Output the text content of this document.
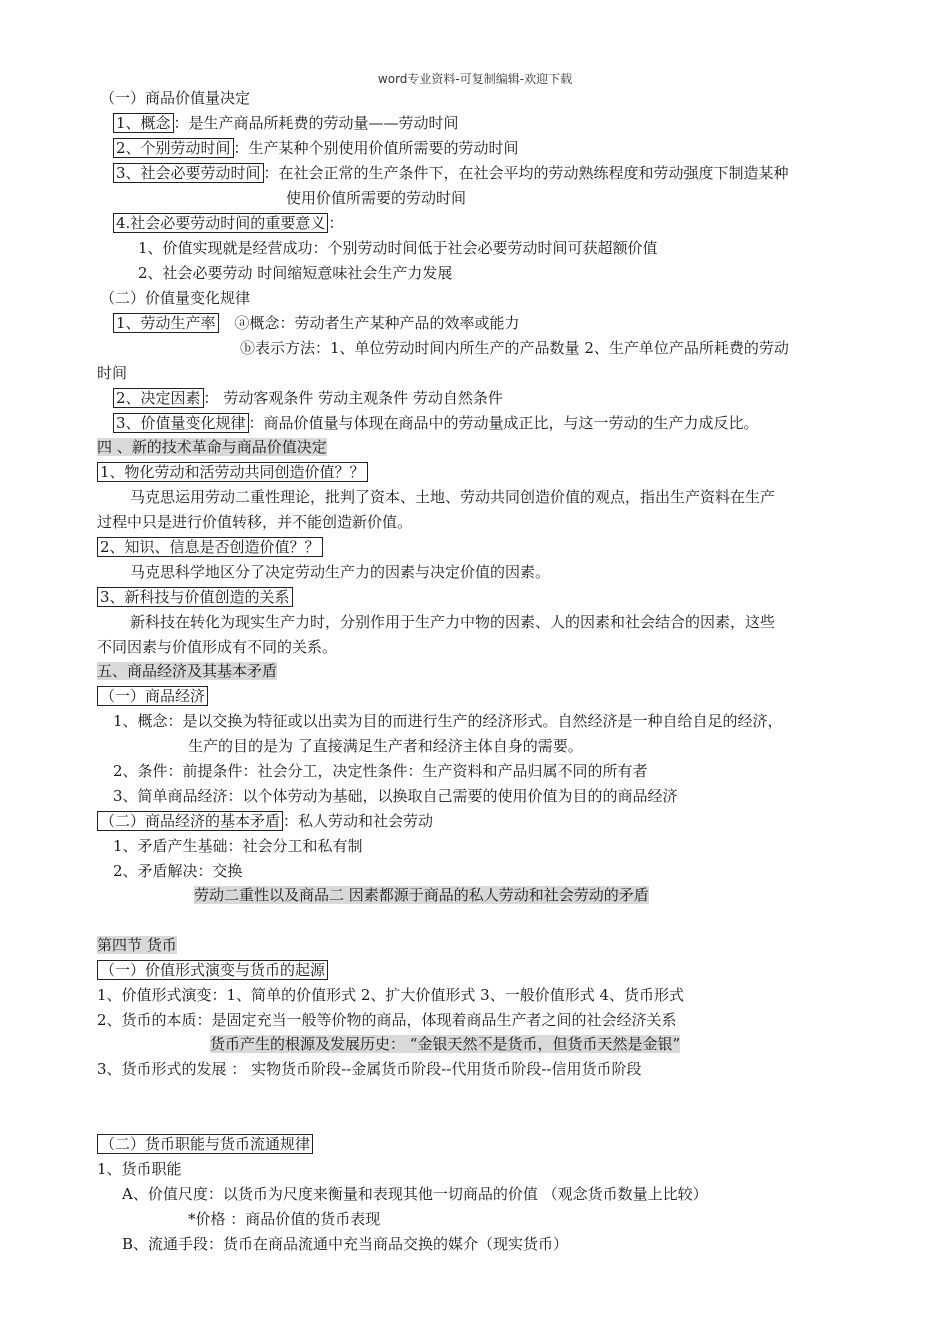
word专业资料-可复制编辑-欢迎下载
（一）商品价值量决定
1、概念 ：是生产商品所耗费的劳动量——劳动时间
2、个别劳动时间 ：生产某种个别使用价值所需要的劳动时间
3、社会必要劳动时间 ：在社会正常的生产条件下，在社会平均的劳动熟练程度和劳动强度下制造某种
使用价值所需要的劳动时间
4.社会必要劳动时间的重要意义 ：
1、价值实现就是经营成功：个别劳动时间低于社会必要劳动时间可获超额价值
2、社会必要劳动 时间缩短意味社会生产力发展
（二）价值量变化规律
1、劳动生产率 ⓐ概念：劳动者生产某种产品的效率或能力
ⓑ表示方法：1、单位劳动时间内所生产的产品数量 2、生产单位产品所耗费的劳动
时间
2、决定因素 ： 劳动客观条件 劳动主观条件 劳动自然条件
3、价值量变化规律 ：商品价值量与体现在商品中的劳动量成正比，与这一劳动的生产力成反比。
四 、新的技术革命与商品价值决定
1、物化劳动和活劳动共同创造价值？？
马克思运用劳动二重性理论，批判了资本、土地、劳动共同创造价值的观点，指出生产资料在生产
过程中只是进行价值转移，并不能创造新价值。
2、知识、信息是否创造价值？？
马克思科学地区分了决定劳动生产力的因素与决定价值的因素。
3、新科技与价值创造的关系
新科技在转化为现实生产力时，分别作用于生产力中物的因素、人的因素和社会结合的因素，这些
不同因素与价值形成有不同的关系。
五、商品经济及其基本矛盾
（一）商品经济
1、概念：是以交换为特征或以出卖为目的而进行生产的经济形式。自然经济是一种自给自足的经济，
生产的目的是为 了直接满足生产者和经济主体自身的需要。
2、条件：前提条件：社会分工，决定性条件：生产资料和产品归属不同的所有者
3、简单商品经济：以个体劳动为基础，以换取自己需要的使用价值为目的的商品经济
（二）商品经济的基本矛盾 ：私人劳动和社会劳动
1、矛盾产生基础：社会分工和私有制
2、矛盾解决：交换
劳动二重性以及商品二 因素都源于商品的私人劳动和社会劳动的矛盾
第四节 货币
（一）价值形式演变与货币的起源
1、价值形式演变：1、简单的价值形式 2、扩大价值形式 3、一般价值形式 4、货币形式
2、货币的本质：是固定充当一般等价物的商品，体现着商品生产者之间的社会经济关系
货币产生的根源及发展历史： “金银天然不是货币，但货币天然是金银”
3、货币形式的发展 ： 实物货币阶段--金属货币阶段--代用货币阶段--信用货币阶段
（二）货币职能与货币流通规律
1、货币职能
A、价值尺度：以货币为尺度来衡量和表现其他一切商品的价值 （观念货币数量上比较）
*价格 ：商品价值的货币表现
B、流通手段：货币在商品流通中充当商品交换的媒介（现实货币）
